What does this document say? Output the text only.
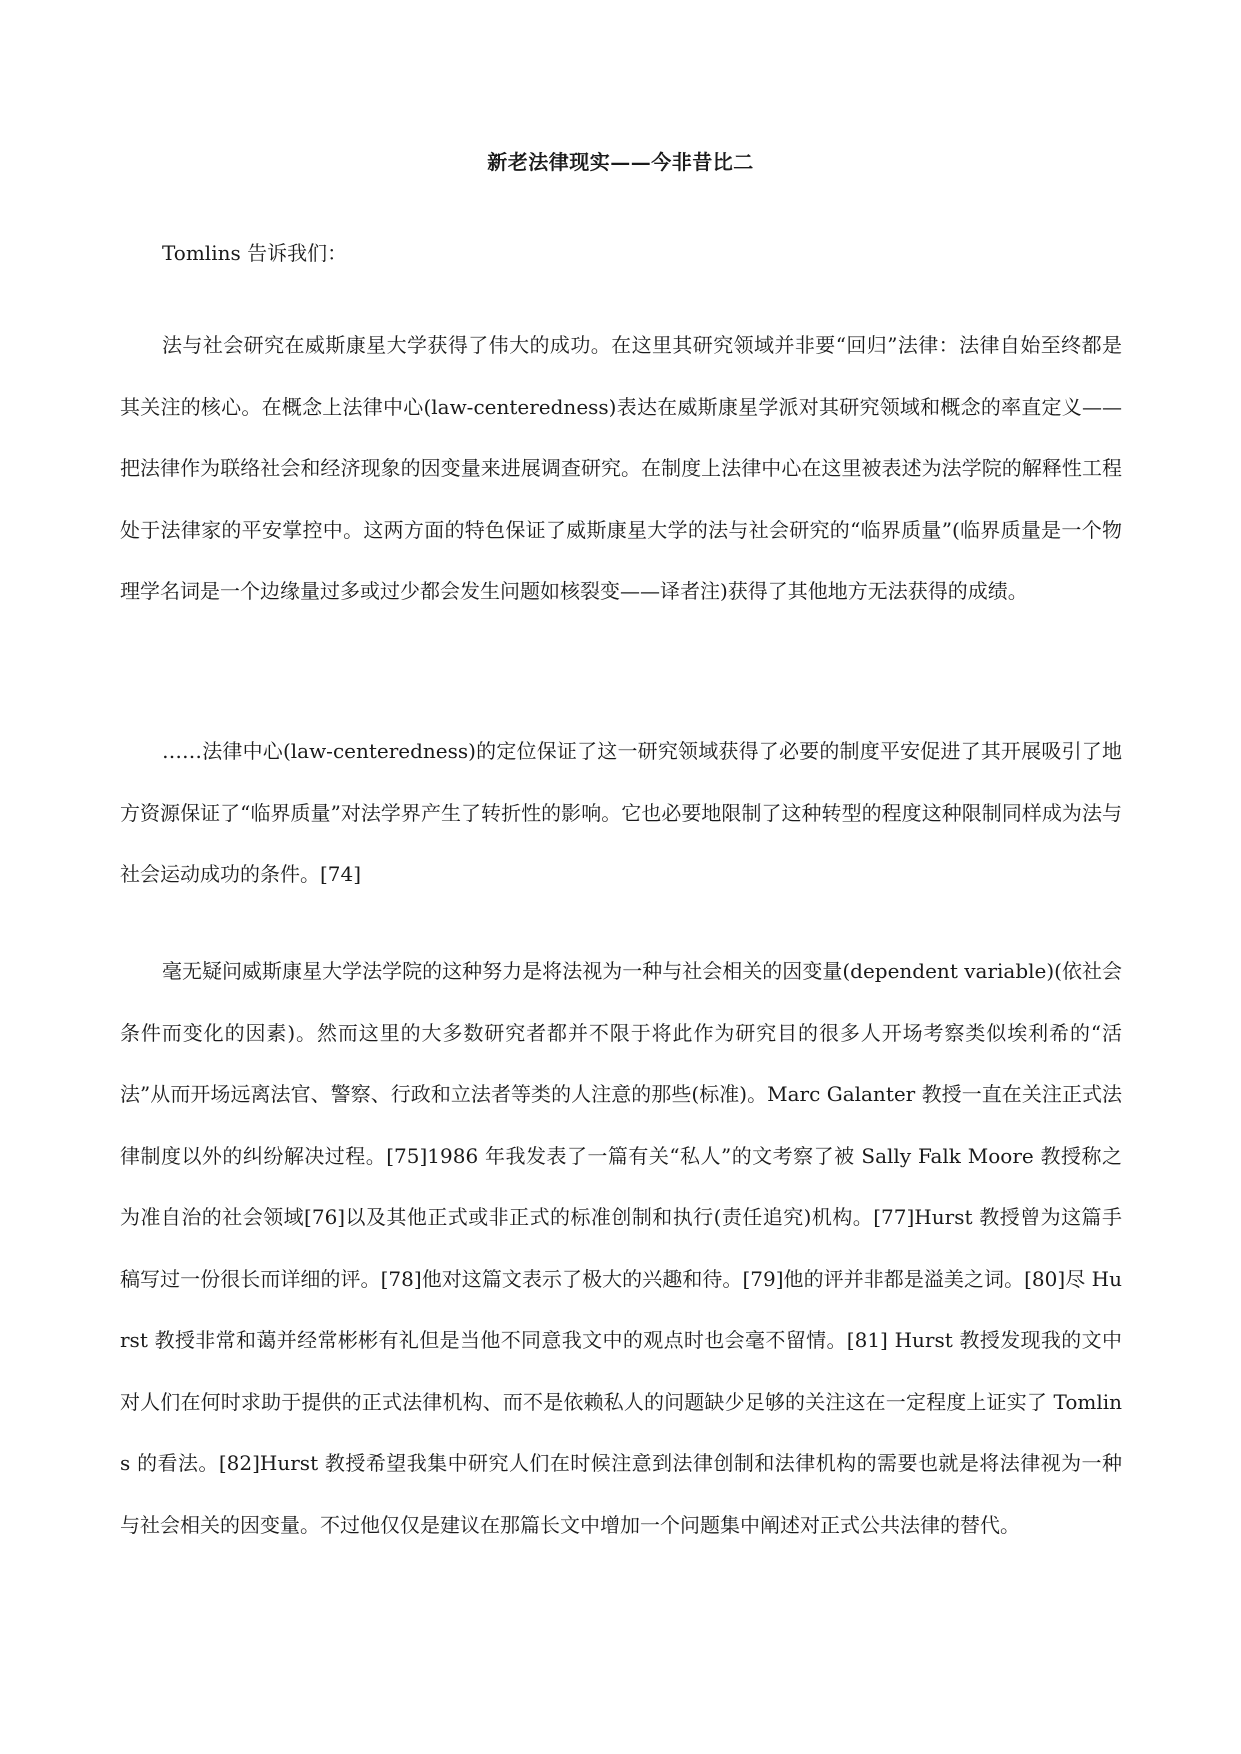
新老法律现实——今非昔比二

Tomlins 告诉我们：

法与社会研究在威斯康星大学获得了伟大的成功。在这里其研究领域并非要“回归”法律：法律自始至终都是其关注的核心。在概念上法律中心(law-centeredness)表达在威斯康星学派对其研究领域和概念的率直定义——把法律作为联络社会和经济现象的因变量来进展调查研究。在制度上法律中心在这里被表述为法学院的解释性工程处于法律家的平安掌控中。这两方面的特色保证了威斯康星大学的法与社会研究的“临界质量”(临界质量是一个物理学名词是一个边缘量过多或过少都会发生问题如核裂变——译者注)获得了其他地方无法获得的成绩。

……法律中心(law-centeredness)的定位保证了这一研究领域获得了必要的制度平安促进了其开展吸引了地方资源保证了“临界质量”对法学界产生了转折性的影响。它也必要地限制了这种转型的程度这种限制同样成为法与社会运动成功的条件。[74]

毫无疑问威斯康星大学法学院的这种努力是将法视为一种与社会相关的因变量(dependent variable)(依社会条件而变化的因素)。然而这里的大多数研究者都并不限于将此作为研究目的很多人开场考察类似埃利希的“活法”从而开场远离法官、警察、行政和立法者等类的人注意的那些(标准)。Marc Galanter 教授一直在关注正式法律制度以外的纠纷解决过程。[75]1986 年我发表了一篇有关“私人”的文考察了被 Sally Falk Moore 教授称之为准自治的社会领域[76]以及其他正式或非正式的标准创制和执行(责任追究)机构。[77]Hurst 教授曾为这篇手稿写过一份很长而详细的评。[78]他对这篇文表示了极大的兴趣和待。[79]他的评并非都是溢美之词。[80]尽 Hurst 教授非常和蔼并经常彬彬有礼但是当他不同意我文中的观点时也会毫不留情。[81] Hurst 教授发现我的文中对人们在何时求助于提供的正式法律机构、而不是依赖私人的问题缺少足够的关注这在一定程度上证实了 Tomlins 的看法。[82]Hurst 教授希望我集中研究人们在时候注意到法律创制和法律机构的需要也就是将法律视为一种与社会相关的因变量。不过他仅仅是建议在那篇长文中增加一个问题集中阐述对正式公共法律的替代。
